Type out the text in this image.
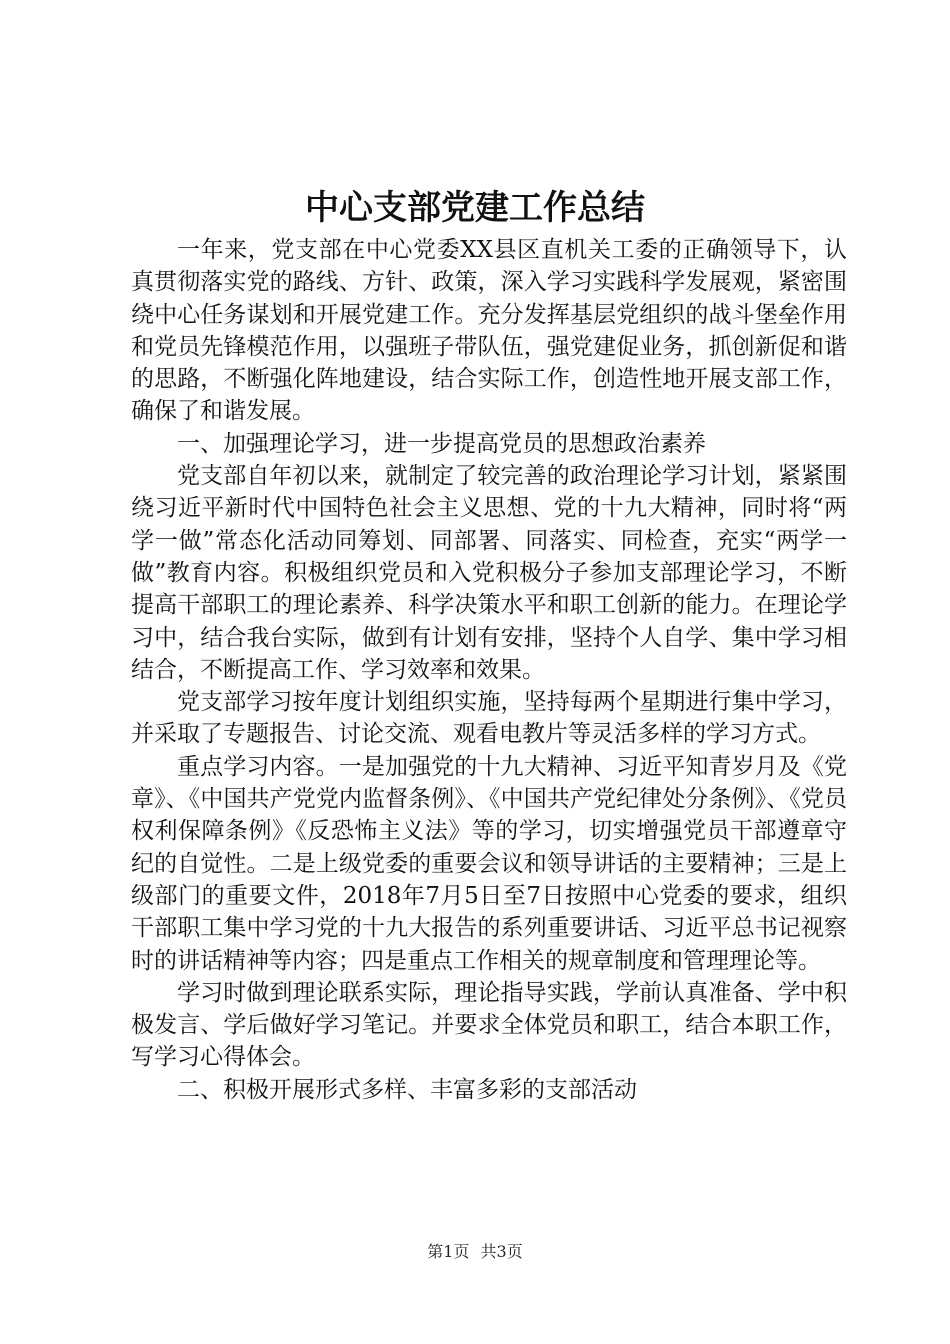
中心支部党建工作总结

一年来，党支部在中心党委XX县区直机关工委的正确领导下，认真贯彻落实党的路线、方针、政策，深入学习实践科学发展观，紧密围绕中心任务谋划和开展党建工作。充分发挥基层党组织的战斗堡垒作用和党员先锋模范作用，以强班子带队伍，强党建促业务，抓创新促和谐的思路，不断强化阵地建设，结合实际工作，创造性地开展支部工作，确保了和谐发展。

一、加强理论学习，进一步提高党员的思想政治素养

党支部自年初以来，就制定了较完善的政治理论学习计划，紧紧围绕习近平新时代中国特色社会主义思想、党的十九大精神，同时将“两学一做”常态化活动同筹划、同部署、同落实、同检查，充实“两学一做”教育内容。积极组织党员和入党积极分子参加支部理论学习，不断提高干部职工的理论素养、科学决策水平和职工创新的能力。在理论学习中，结合我台实际，做到有计划有安排，坚持个人自学、集中学习相结合，不断提高工作、学习效率和效果。

党支部学习按年度计划组织实施，坚持每两个星期进行集中学习，并采取了专题报告、讨论交流、观看电教片等灵活多样的学习方式。

重点学习内容。一是加强党的十九大精神、习近平知青岁月及《党章》、《中国共产党党内监督条例》、《中国共产党纪律处分条例》、《党员权利保障条例》《反恐怖主义法》等的学习，切实增强党员干部遵章守纪的自觉性。二是上级党委的重要会议和领导讲话的主要精神；三是上级部门的重要文件，2018年7月5日至7日按照中心党委的要求，组织干部职工集中学习党的十九大报告的系列重要讲话、习近平总书记视察时的讲话精神等内容；四是重点工作相关的规章制度和管理理论等。

学习时做到理论联系实际，理论指导实践，学前认真准备、学中积极发言、学后做好学习笔记。并要求全体党员和职工，结合本职工作，写学习心得体会。

二、积极开展形式多样、丰富多彩的支部活动

第1页 共3页
